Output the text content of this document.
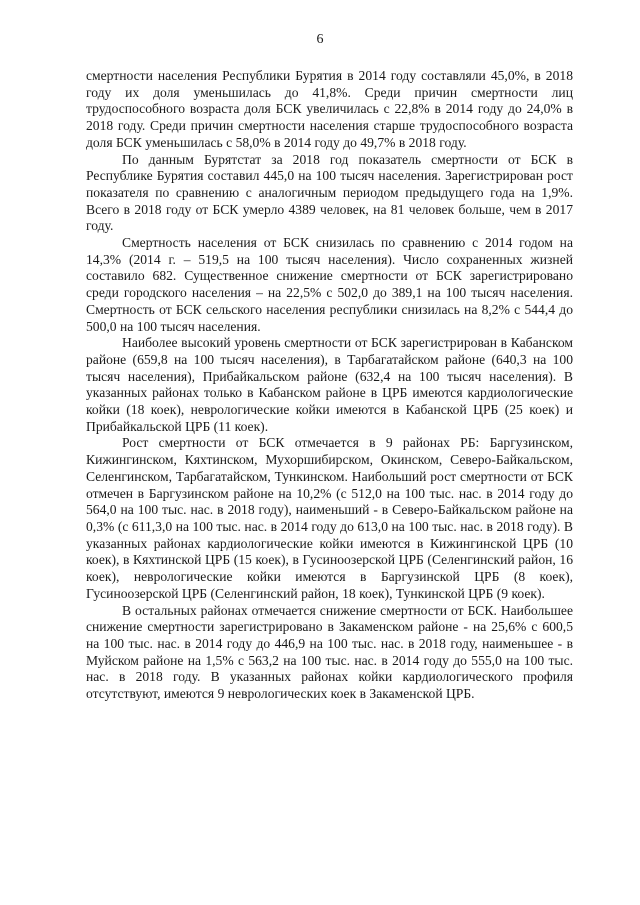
6

смертности населения Республики Бурятия в 2014 году составляли 45,0%, в 2018 году их доля уменьшилась до 41,8%. Среди причин смертности лиц трудоспособного возраста доля БСК увеличилась с 22,8% в 2014 году до 24,0% в 2018 году. Среди причин смертности населения старше трудоспособного возраста доля БСК уменьшилась с 58,0% в 2014 году до 49,7% в 2018 году.

По данным Бурятстат за 2018 год показатель смертности от БСК в Республике Бурятия составил 445,0 на 100 тысяч населения. Зарегистрирован рост показателя по сравнению с аналогичным периодом предыдущего года на 1,9%. Всего в 2018 году от БСК умерло 4389 человек, на 81 человек больше, чем в 2017 году.

Смертность населения от БСК снизилась по сравнению с 2014 годом на 14,3% (2014 г. – 519,5 на 100 тысяч населения). Число сохраненных жизней составило 682. Существенное снижение смертности от БСК зарегистрировано среди городского населения – на 22,5% с 502,0 до 389,1 на 100 тысяч населения. Смертность от БСК сельского населения республики снизилась на 8,2% с 544,4 до 500,0 на 100 тысяч населения.

Наиболее высокий уровень смертности от БСК зарегистрирован в Кабанском районе (659,8 на 100 тысяч населения), в Тарбагатайском районе (640,3 на 100 тысяч населения), Прибайкальском районе (632,4 на 100 тысяч населения). В указанных районах только в Кабанском районе в ЦРБ имеются кардиологические койки (18 коек), неврологические койки имеются в Кабанской ЦРБ (25 коек) и Прибайкальской ЦРБ (11 коек).

Рост смертности от БСК отмечается в 9 районах РБ: Баргузинском, Кижингинском, Кяхтинском, Мухоршибирском, Окинском, Северо-Байкальском, Селенгинском, Тарбагатайском, Тункинском. Наибольший рост смертности от БСК отмечен в Баргузинском районе на 10,2% (с 512,0 на 100 тыс. нас. в 2014 году до 564,0 на 100 тыс. нас. в 2018 году), наименьший - в Северо-Байкальском районе на 0,3% (с 611,3,0 на 100 тыс. нас. в 2014 году до 613,0 на 100 тыс. нас. в 2018 году). В указанных районах кардиологические койки имеются в Кижингинской ЦРБ (10 коек), в Кяхтинской ЦРБ (15 коек), в Гусиноозерской ЦРБ (Селенгинский район, 16 коек), неврологические койки имеются в Баргузинской ЦРБ (8 коек), Гусиноозерской ЦРБ (Селенгинский район, 18 коек), Тункинской ЦРБ (9 коек).

В остальных районах отмечается снижение смертности от БСК. Наибольшее снижение смертности зарегистрировано в Закаменском районе - на 25,6% с 600,5 на 100 тыс. нас. в 2014 году до 446,9 на 100 тыс. нас. в 2018 году, наименьшее - в Муйском районе на 1,5% с 563,2 на 100 тыс. нас. в 2014 году до 555,0 на 100 тыс. нас. в 2018 году. В указанных районах койки кардиологического профиля отсутствуют, имеются 9 неврологических коек в Закаменской ЦРБ.
